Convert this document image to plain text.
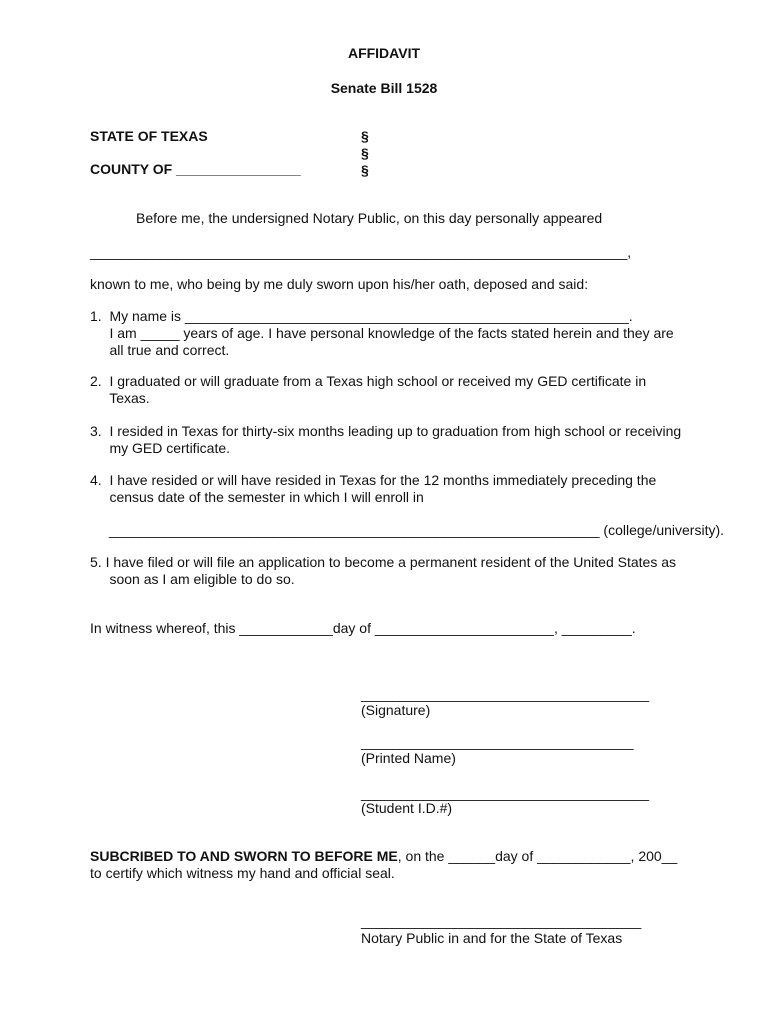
AFFIDAVIT
Senate Bill 1528
STATE OF TEXAS
COUNTY OF ________________
§
§
§
Before me, the undersigned Notary Public, on this day personally appeared
_____________________________________________________________________,
known to me, who being by me duly sworn upon his/her oath, deposed and said:
1.  My name is _________________________________________________________.
I am _____ years of age. I have personal knowledge of the facts stated herein and they are
all true and correct.
2.  I graduated or will graduate from a Texas high school or received my GED certificate in
Texas.
3.  I resided in Texas for thirty-six months leading up to graduation from high school or receiving
my GED certificate.
4.  I have resided or will have resided in Texas for the 12 months immediately preceding the
census date of the semester in which I will enroll in
_______________________________________________________________ (college/university).
5. I have filed or will file an application to become a permanent resident of the United States as
soon as I am eligible to do so.
In witness whereof, this ____________day of _______________________, _________.
_____________________________________
(Signature)
___________________________________
(Printed Name)
_____________________________________
(Student I.D.#)
SUBCRIBED TO AND SWORN TO BEFORE ME, on the ______day of ____________, 200__
to certify which witness my hand and official seal.
____________________________________
Notary Public in and for the State of Texas
